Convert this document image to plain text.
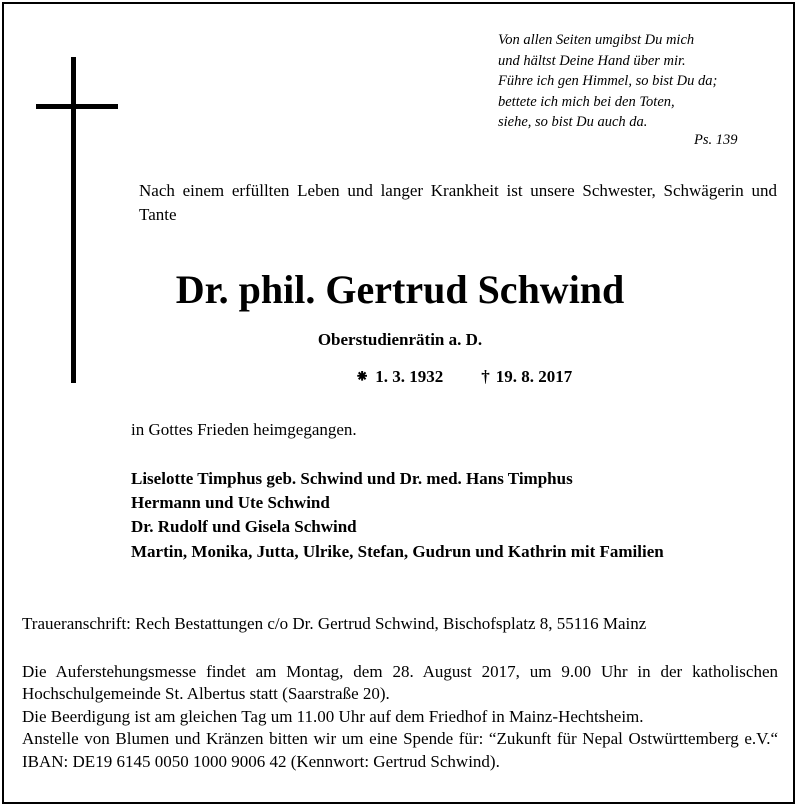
Von allen Seiten umgibst Du mich
und hältst Deine Hand über mir.
Führe ich gen Himmel, so bist Du da;
bettete ich mich bei den Toten,
siehe, so bist Du auch da.
Ps. 139
Nach einem erfüllten Leben und langer Krankheit ist unsere Schwester, Schwägerin und Tante
Dr. phil. Gertrud Schwind
Oberstudienrätin a. D.
⁕ 1. 3. 1932 † 19. 8. 2017
in Gottes Frieden heimgegangen.
Liselotte Timphus geb. Schwind und Dr. med. Hans Timphus
Hermann und Ute Schwind
Dr. Rudolf und Gisela Schwind
Martin, Monika, Jutta, Ulrike, Stefan, Gudrun und Kathrin mit Familien
Traueranschrift: Rech Bestattungen c/o Dr. Gertrud Schwind, Bischofsplatz 8, 55116 Mainz

Die Auferstehungsmesse findet am Montag, dem 28. August 2017, um 9.00 Uhr in der katholischen Hochschulgemeinde St. Albertus statt (Saarstraße 20).

Die Beerdigung ist am gleichen Tag um 11.00 Uhr auf dem Friedhof in Mainz-Hechtsheim.

Anstelle von Blumen und Kränzen bitten wir um eine Spende für: “Zukunft für Nepal Ostwürttemberg e.V.“ IBAN: DE19 6145 0050 1000 9006 42 (Kennwort: Gertrud Schwind).
